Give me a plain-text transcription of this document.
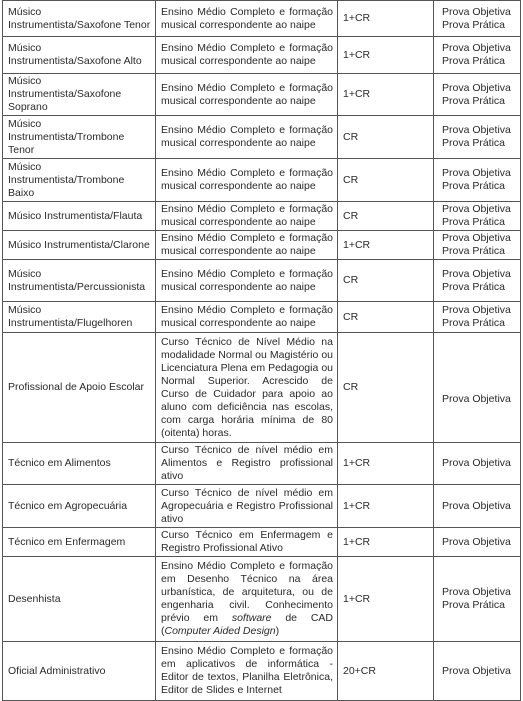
Músico Instrumentista/Saxofone Tenor	Ensino Médio Completo e formação musical correspondente ao naipe	1+CR	Prova Objetiva
Prova Prática

Músico Instrumentista/Saxofone Alto	Ensino Médio Completo e formação musical correspondente ao naipe	1+CR	Prova Objetiva
Prova Prática

Músico Instrumentista/Saxofone Soprano	Ensino Médio Completo e formação musical correspondente ao naipe	1+CR	Prova Objetiva
Prova Prática

Músico Instrumentista/Trombone Tenor	Ensino Médio Completo e formação musical correspondente ao naipe	CR	Prova Objetiva
Prova Prática

Músico Instrumentista/Trombone Baixo	Ensino Médio Completo e formação musical correspondente ao naipe	CR	Prova Objetiva
Prova Prática

Músico Instrumentista/Flauta	Ensino Médio Completo e formação musical correspondente ao naipe	CR	Prova Objetiva
Prova Prática

Músico Instrumentista/Clarone	Ensino Médio Completo e formação musical correspondente ao naipe	1+CR	Prova Objetiva
Prova Prática

Músico Instrumentista/Percussionista	Ensino Médio Completo e formação musical correspondente ao naipe	CR	Prova Objetiva
Prova Prática

Músico Instrumentista/Flugelhoren	Ensino Médio Completo e formação musical correspondente ao naipe	CR	Prova Objetiva
Prova Prática

Profissional de Apoio Escolar	Curso Técnico de Nível Médio na modalidade Normal ou Magistério ou Licenciatura Plena em Pedagogia ou Normal Superior. Acrescido de Curso de Cuidador para apoio ao aluno com deficiência nas escolas, com carga horária mínima de 80 (oitenta) horas.	CR	Prova Objetiva

Técnico em Alimentos	Curso Técnico de nível médio em Alimentos e Registro profissional ativo	1+CR	Prova Objetiva

Técnico em Agropecuária	Curso Técnico de nível médio em Agropecuária e Registro Profissional ativo	1+CR	Prova Objetiva

Técnico em Enfermagem	Curso Técnico em Enfermagem e Registro Profissional Ativo	1+CR	Prova Objetiva

Desenhista	Ensino Médio Completo e formação em Desenho Técnico na área urbanística, de arquitetura, ou de engenharia civil. Conhecimento prévio em software de CAD (Computer Aided Design)	1+CR	Prova Objetiva
Prova Prática

Oficial Administrativo	Ensino Médio Completo e formação em aplicativos de informática - Editor de textos, Planilha Eletrônica, Editor de Slides e Internet	20+CR	Prova Objetiva
